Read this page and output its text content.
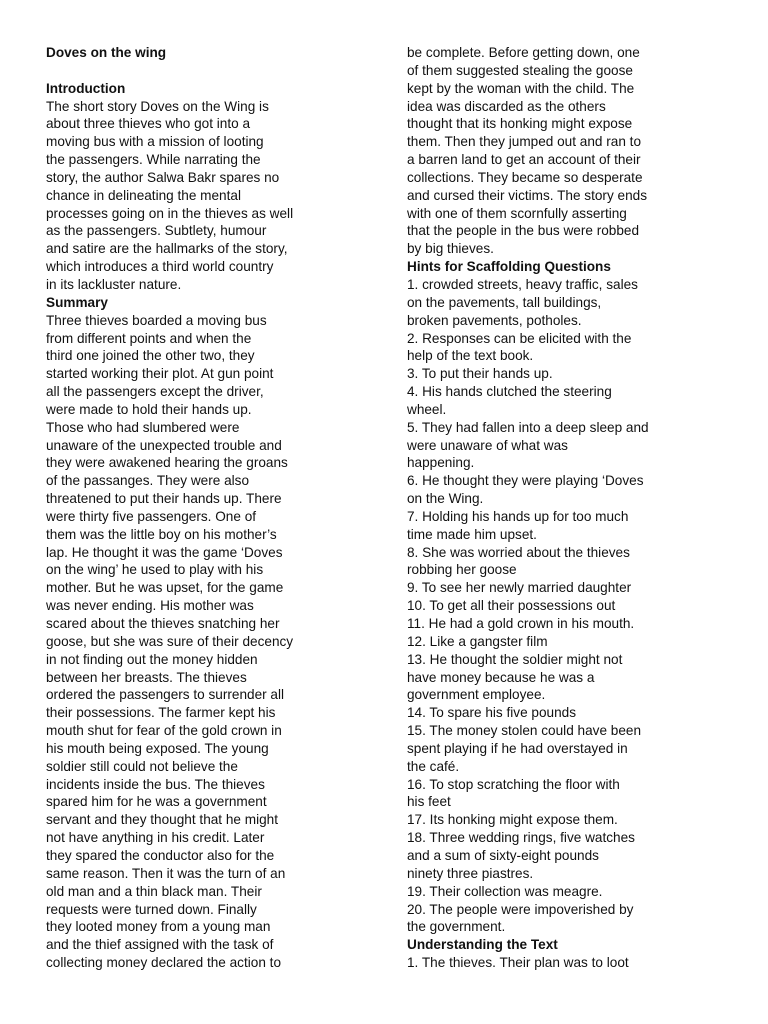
Doves on the wing
Introduction
The short story Doves on the Wing is
about three thieves who got into a
moving bus with a mission of looting
the passengers. While narrating the
story, the author Salwa Bakr spares no
chance in delineating the mental
processes going on in the thieves as well
as the passengers. Subtlety, humour
and satire are the hallmarks of the story,
which introduces a third world country
in its lackluster nature.
Summary
Three thieves boarded a moving bus
from different points and when the
third one joined the other two, they
started working their plot. At gun point
all the passengers except the driver,
were made to hold their hands up.
Those who had slumbered were
unaware of the unexpected trouble and
they were awakened hearing the groans
of the passanges. They were also
threatened to put their hands up. There
were thirty five passengers. One of
them was the little boy on his mother’s
lap. He thought it was the game ‘Doves
on the wing’ he used to play with his
mother. But he was upset, for the game
was never ending. His mother was
scared about the thieves snatching her
goose, but she was sure of their decency
in not finding out the money hidden
between her breasts. The thieves
ordered the passengers to surrender all
their possessions. The farmer kept his
mouth shut for fear of the gold crown in
his mouth being exposed. The young
soldier still could not believe the
incidents inside the bus. The thieves
spared him for he was a government
servant and they thought that he might
not have anything in his credit. Later
they spared the conductor also for the
same reason. Then it was the turn of an
old man and a thin black man. Their
requests were turned down. Finally
they looted money from a young man
and the thief assigned with the task of
collecting money declared the action to
be complete. Before getting down, one
of them suggested stealing the goose
kept by the woman with the child. The
idea was discarded as the others
thought that its honking might expose
them. Then they jumped out and ran to
a barren land to get an account of their
collections. They became so desperate
and cursed their victims. The story ends
with one of them scornfully asserting
that the people in the bus were robbed
by big thieves.
Hints for Scaffolding Questions
1. crowded streets, heavy traffic, sales
on the pavements, tall buildings,
broken pavements, potholes.
2. Responses can be elicited with the
help of the text book.
3. To put their hands up.
4. His hands clutched the steering
wheel.
5. They had fallen into a deep sleep and
were unaware of what was
happening.
6. He thought they were playing ‘Doves
on the Wing.
7. Holding his hands up for too much
time made him upset.
8. She was worried about the thieves
robbing her goose
9. To see her newly married daughter
10. To get all their possessions out
11. He had a gold crown in his mouth.
12. Like a gangster film
13. He thought the soldier might not
have money because he was a
government employee.
14. To spare his five pounds
15. The money stolen could have been
spent playing if he had overstayed in
the café.
16. To stop scratching the floor with
his feet
17. Its honking might expose them.
18. Three wedding rings, five watches
and a sum of sixty-eight pounds
ninety three piastres.
19. Their collection was meagre.
20. The people were impoverished by
the government.
Understanding the Text
1. The thieves. Their plan was to loot
